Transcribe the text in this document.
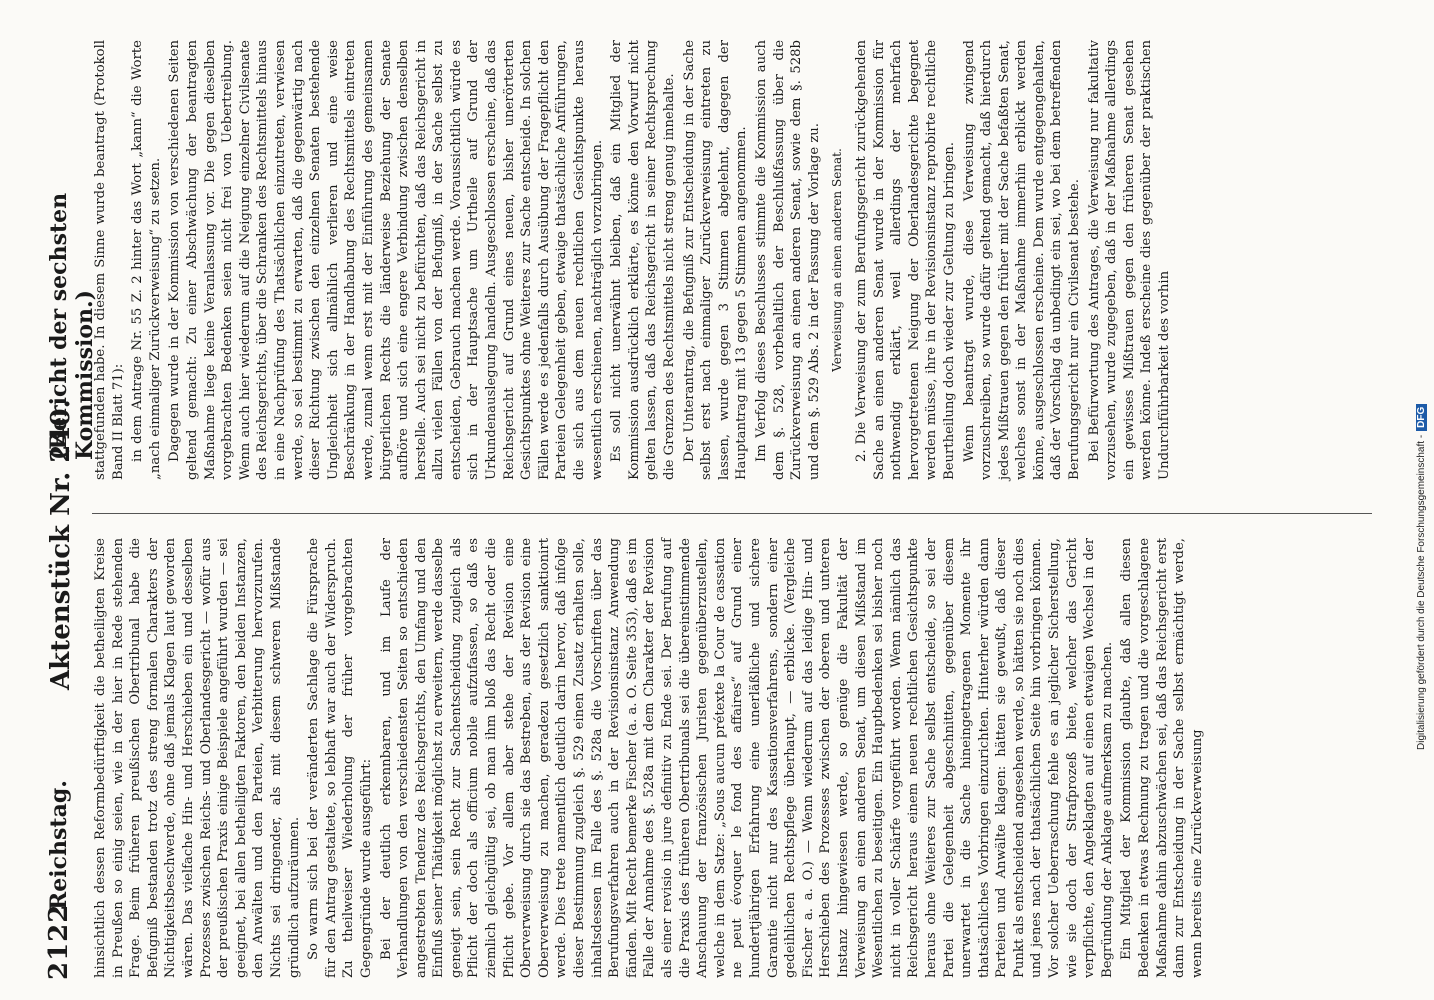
2122
Reichstag.
Aktenstück Nr. 240.
(Bericht der sechsten Kommission.)

hinsichtlich dessen Reformbedürftigkeit die betheiligten Kreise in Preußen so einig seien, wie in der hier in Rede stehenden Frage. Beim früheren preußischen Obertribunal habe die Befugniß bestanden trotz des streng formalen Charakters der Nichtigkeitsbeschwerde, ohne daß jemals Klagen laut geworden wären. Das vielfache Hin- und Herschieben ein und desselben Prozesses zwischen Reichs- und Oberlandesgericht — wofür aus der preußischen Praxis einige Beispiele angeführt wurden — sei geeignet, bei allen betheiligten Faktoren, den beiden Instanzen, den Anwälten und den Parteien, Verbitterung hervorzurufen. Nichts sei dringender, als mit diesem schweren Mißstande gründlich aufzuräumen. So warm sich bei der veränderten Sachlage die Fürsprache für den Antrag gestaltete, so lebhaft war auch der Widerspruch. Zu theilweiser Wiederholung der früher vorgebrachten Gegengründe wurde ausgeführt: Bei der deutlich erkennbaren, und im Laufe der Verhandlungen von den verschiedensten Seiten so entschieden angestrebten Tendenz des Reichsgerichts, den Umfang und den Einfluß seiner Thätigkeit möglichst zu erweitern, werde dasselbe geneigt sein, sein Recht zur Sachentscheidung zugleich als Pflicht der doch als officium nobile aufzufassen, so daß es ziemlich gleichgültig sei, ob man ihm bloß das Recht oder die Pflicht gebe. Vor allem aber stehe der Revision eine Oberverweisung durch sie das Bestreben, aus der Revision eine Oberverweisung zu machen, geradezu gesetzlich sanktionirt werde. Dies trete namentlich deutlich darin hervor, daß infolge dieser Bestimmung zugleich §. 529 einen Zusatz erhalten solle, inhaltsdessen im Falle des §. 528a die Vorschriften über das Berufungsverfahren auch in der Revisionsinstanz Anwendung fänden. Mit Recht bemerke Fischer (a. a. O. Seite 353), daß es im Falle der Annahme des §. 528a mit dem Charakter der Revision als einer revisio in jure definitiv zu Ende sei. Der Berufung auf die Praxis des früheren Obertribunals sei die übereinstimmende Anschauung der französischen Juristen gegenüberzustellen, welche in dem Satze: „Sous aucun prétexte la Cour de cassation ne peut évoquer le fond des affaires“ auf Grund einer hundertjährigen Erfahrung eine unerläßliche und sichere Garantie nicht nur des Kassationsverfahrens, sondern einer gedeihlichen Rechtspflege überhaupt, — erblicke. (Vergleiche Fischer a. a. O.) — Wenn wiederum auf das leidige Hin- und Herschieben des Prozesses zwischen der oberen und unteren Instanz hingewiesen werde, so genüge die Fakultät der Verweisung an einen anderen Senat, um diesen Mißstand im Wesentlichen zu beseitigen. Ein Hauptbedenken sei bisher noch nicht in voller Schärfe vorgeführt worden. Wenn nämlich das Reichsgericht heraus einem neuen rechtlichen Gesichtspunkte heraus ohne Weiteres zur Sache selbst entscheide, so sei der Partei die Gelegenheit abgeschnitten, gegenüber diesem unerwartet in die Sache hineingetragenen Momente ihr thatsächliches Vorbringen einzurichten. Hinterher würden dann Parteien und Anwälte klagen: hätten sie gewußt, daß dieser Punkt als entscheidend angesehen werde, so hätten sie noch dies und jenes nach der thatsächlichen Seite hin vorbringen können. Vor solcher Ueberraschung fehle es an jeglicher Sicherstellung, wie sie doch der Strafprozeß biete, welcher das Gericht verpflichte, den Angeklagten auf einen etwaigen Wechsel in der Begründung der Anklage aufmerksam zu machen. Ein Mitglied der Kommission glaubte, daß allen diesen Bedenken in etwas Rechnung zu tragen und die vorgeschlagene Maßnahme dahin abzuschwächen sei, daß das Reichsgericht erst dann zur Entscheidung in der Sache selbst ermächtigt werde, wenn bereits eine Zurückverweisung

stattgefunden habe. In diesem Sinne wurde beantragt (Protokoll Band II Blatt 71): in dem Antrage Nr. 55 Z. 2 hinter das Wort „kann“ die Worte „nach einmaliger Zurückverweisung“ zu setzen. Dagegen wurde in der Kommission von verschiedenen Seiten geltend gemacht: Zu einer Abschwächung der beantragten Maßnahme liege keine Veranlassung vor. Die gegen dieselben vorgebrachten Bedenken seien nicht frei von Uebertreibung. Wenn auch hier wiederum auf die Neigung einzelner Civilsenate des Reichsgerichts, über die Schranken des Rechtsmittels hinaus in eine Nachprüfung des Thatsächlichen einzutreten, verwiesen werde, so sei bestimmt zu erwarten, daß die gegenwärtig nach dieser Richtung zwischen den einzelnen Senaten bestehende Ungleichheit sich allmählich verlieren und eine weise Beschränkung in der Handhabung des Rechtsmittels eintreten werde, zumal wenn erst mit der Einführung des gemeinsamen bürgerlichen Rechts die länderweise Beziehung der Senate aufhöre und sich eine engere Verbindung zwischen denselben herstelle. Auch sei nicht zu befürchten, daß das Reichsgericht in allzu vielen Fällen von der Befugniß, in der Sache selbst zu entscheiden, Gebrauch machen werde. Voraussichtlich würde es sich in der Hauptsache um Urtheile auf Grund der Urkundenauslegung handeln. Ausgeschlossen erscheine, daß das Reichsgericht auf Grund eines neuen, bisher unerörterten Gesichtspunktes ohne Weiteres zur Sache entscheide. In solchen Fällen werde es jedenfalls durch Ausübung der Fragepflicht den Parteien Gelegenheit geben, etwaige thatsächliche Anführungen, die sich aus dem neuen rechtlichen Gesichtspunkte heraus wesentlich erschienen, nachträglich vorzubringen. Es soll nicht unerwähnt bleiben, daß ein Mitglied der Kommission ausdrücklich erklärte, es könne den Vorwurf nicht gelten lassen, daß das Reichsgericht in seiner Rechtsprechung die Grenzen des Rechtsmittels nicht streng genug innehalte. Der Unterantrag, die Befugniß zur Entscheidung in der Sache selbst erst nach einmaliger Zurückverweisung eintreten zu lassen, wurde gegen 3 Stimmen abgelehnt, dagegen der Hauptantrag mit 13 gegen 5 Stimmen angenommen. Im Verfolg dieses Beschlusses stimmte die Kommission auch dem §. 528, vorbehaltlich der Beschlußfassung über die Zurückverweisung an einen anderen Senat, sowie dem §. 528b und dem §. 529 Abs. 2 in der Fassung der Vorlage zu. Verweisung an einen anderen Senat. 2. Die Verweisung der zum Berufungsgericht zurückgehenden Sache an einen anderen Senat wurde in der Kommission für nothwendig erklärt, weil allerdings der mehrfach hervorgetretenen Neigung der Oberlandesgerichte begegnet werden müsse, ihre in der Revisionsinstanz reprobirte rechtliche Beurtheilung doch wieder zur Geltung zu bringen. Wenn beantragt wurde, diese Verweisung zwingend vorzuschreiben, so wurde dafür geltend gemacht, daß hierdurch jedes Mißtrauen gegen den früher mit der Sache befaßten Senat, welches sonst in der Maßnahme immerhin erblickt werden könne, ausgeschlossen erscheine. Dem wurde entgegengehalten, daß der Vorschlag da unbedingt ein sei, wo bei dem betreffenden Berufungsgericht nur ein Civilsenat bestehe. Bei Befürwortung des Antrages, die Verweisung nur fakultativ vorzusehen, wurde zugegeben, daß in der Maßnahme allerdings ein gewisses Mißtrauen gegen den früheren Senat gesehen werden könne. Indeß erscheine dies gegenüber der praktischen Undurchführbarkeit des vorhin

Digitalisierung gefördert durch die Deutsche Forschungsgemeinschaft -DFG
